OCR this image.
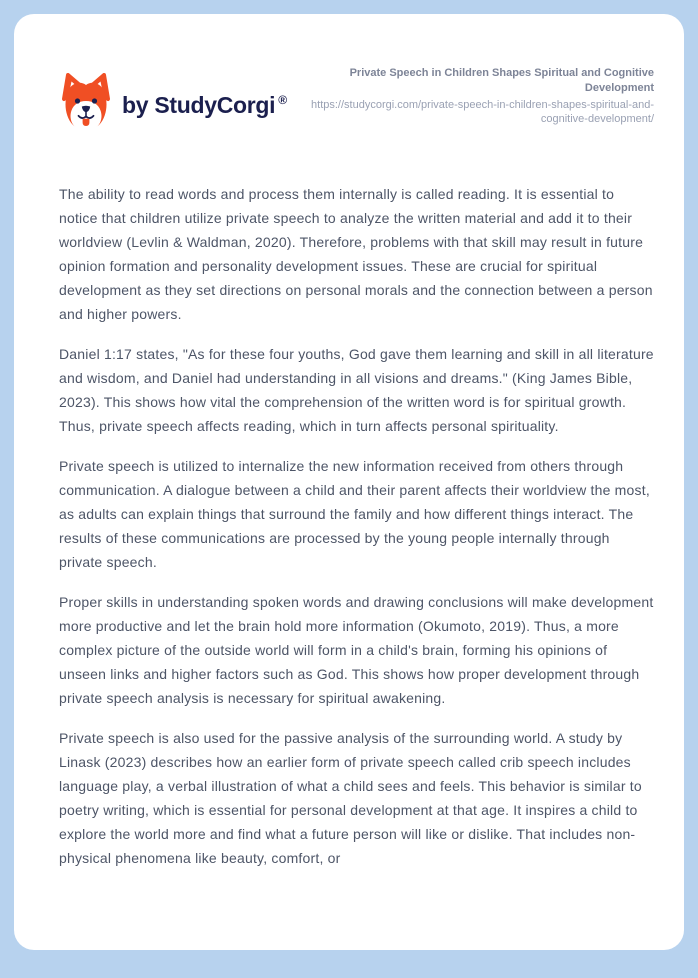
by StudyCorgi ®
Private Speech in Children Shapes Spiritual and Cognitive Development
https://studycorgi.com/private-speech-in-children-shapes-spiritual-and-cognitive-development/

The ability to read words and process them internally is called reading. It is essential to notice that children utilize private speech to analyze the written material and add it to their worldview (Levlin & Waldman, 2020). Therefore, problems with that skill may result in future opinion formation and personality development issues. These are crucial for spiritual development as they set directions on personal morals and the connection between a person and higher powers.

Daniel 1:17 states, "As for these four youths, God gave them learning and skill in all literature and wisdom, and Daniel had understanding in all visions and dreams." (King James Bible, 2023). This shows how vital the comprehension of the written word is for spiritual growth. Thus, private speech affects reading, which in turn affects personal spirituality.

Private speech is utilized to internalize the new information received from others through communication. A dialogue between a child and their parent affects their worldview the most, as adults can explain things that surround the family and how different things interact. The results of these communications are processed by the young people internally through private speech.

Proper skills in understanding spoken words and drawing conclusions will make development more productive and let the brain hold more information (Okumoto, 2019). Thus, a more complex picture of the outside world will form in a child's brain, forming his opinions of unseen links and higher factors such as God. This shows how proper development through private speech analysis is necessary for spiritual awakening.

Private speech is also used for the passive analysis of the surrounding world. A study by Linask (2023) describes how an earlier form of private speech called crib speech includes language play, a verbal illustration of what a child sees and feels. This behavior is similar to poetry writing, which is essential for personal development at that age. It inspires a child to explore the world more and find what a future person will like or dislike. That includes non-physical phenomena like beauty, comfort, or
